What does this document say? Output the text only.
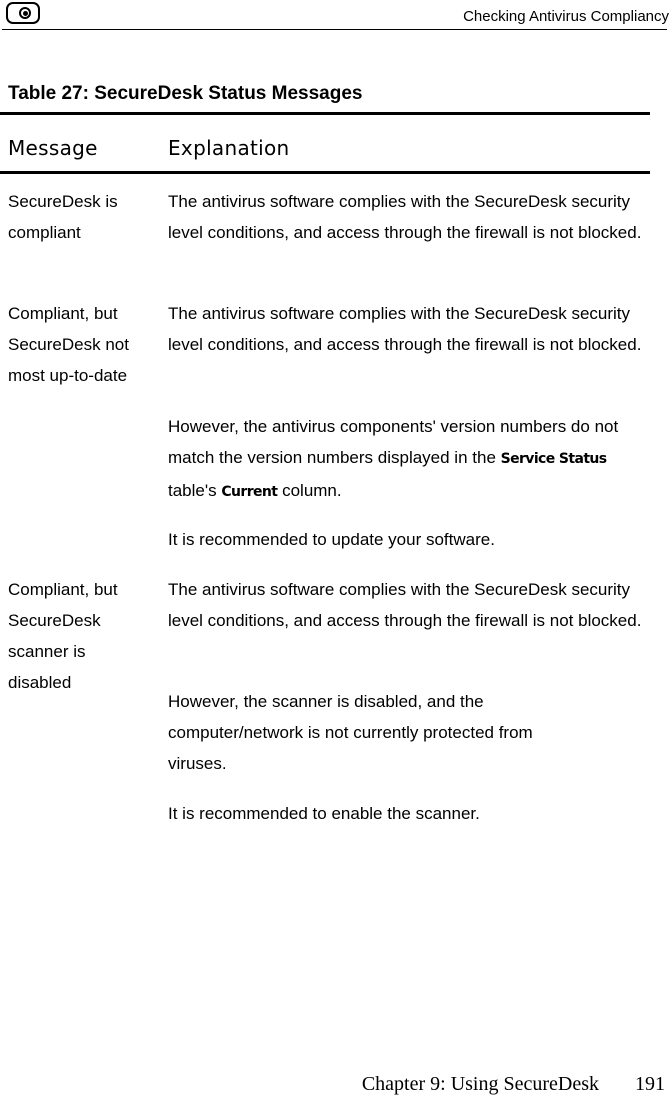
Checking Antivirus Compliancy
Table 27: SecureDesk Status Messages
Message	Explanation
SecureDesk is compliant

The antivirus software complies with the SecureDesk security level conditions, and access through the firewall is not blocked.

Compliant, but SecureDesk not most up-to-date

The antivirus software complies with the SecureDesk security level conditions, and access through the firewall is not blocked.

However, the antivirus components' version numbers do not match the version numbers displayed in the Service Status table's Current column.

It is recommended to update your software.

Compliant, but SecureDesk scanner is disabled

The antivirus software complies with the SecureDesk security level conditions, and access through the firewall is not blocked.

However, the scanner is disabled, and the computer/network is not currently protected from viruses.

It is recommended to enable the scanner.

Chapter 9: Using SecureDesk 191
